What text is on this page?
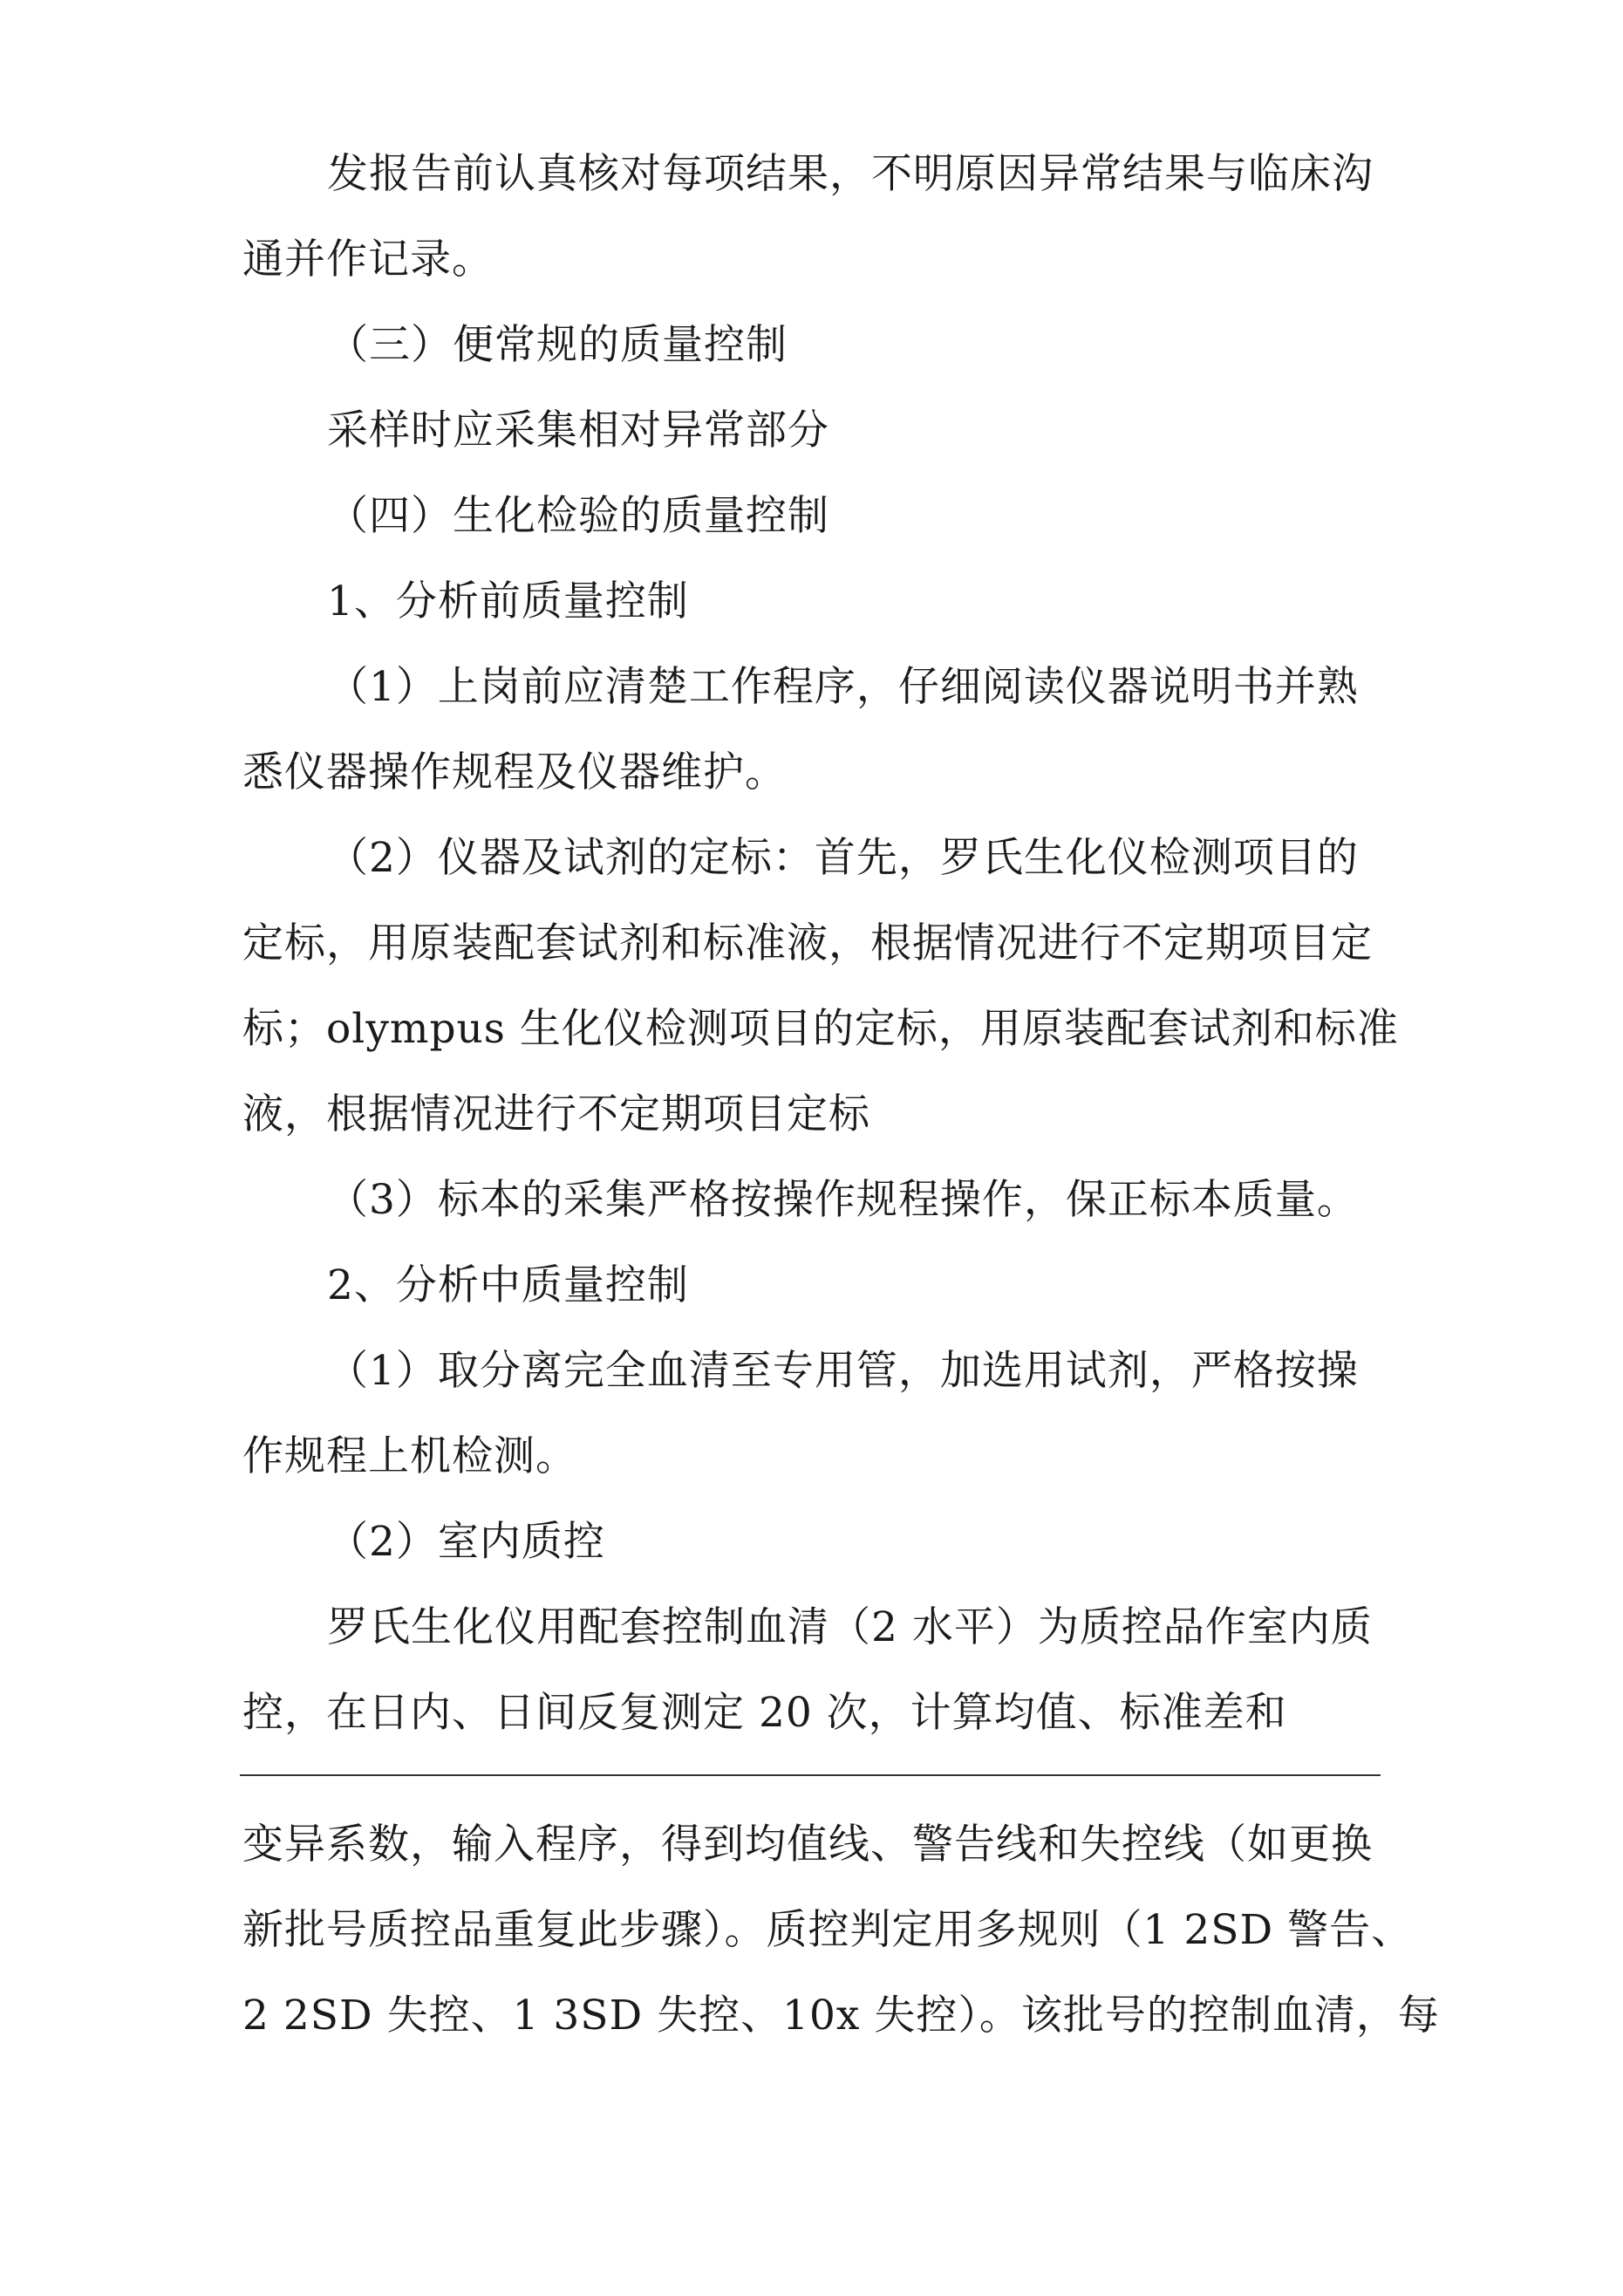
发报告前认真核对每项结果，不明原因异常结果与临床沟

通并作记录。

（三）便常规的质量控制

采样时应采集相对异常部分

（四）生化检验的质量控制

1、分析前质量控制

（1）上岗前应清楚工作程序，仔细阅读仪器说明书并熟

悉仪器操作规程及仪器维护。

（2）仪器及试剂的定标：首先，罗氏生化仪检测项目的

定标，用原装配套试剂和标准液，根据情况进行不定期项目定

标；olympus 生化仪检测项目的定标，用原装配套试剂和标准

液，根据情况进行不定期项目定标

（3）标本的采集严格按操作规程操作，保正标本质量。

2、分析中质量控制

（1）取分离完全血清至专用管，加选用试剂，严格按操

作规程上机检测。

（2）室内质控

罗氏生化仪用配套控制血清（2 水平）为质控品作室内质

控，在日内、日间反复测定 20 次，计算均值、标准差和

变异系数，输入程序，得到均值线、警告线和失控线（如更换

新批号质控品重复此步骤）。质控判定用多规则（1 2SD 警告、

2 2SD 失控、1 3SD 失控、10x 失控）。该批号的控制血清，每
